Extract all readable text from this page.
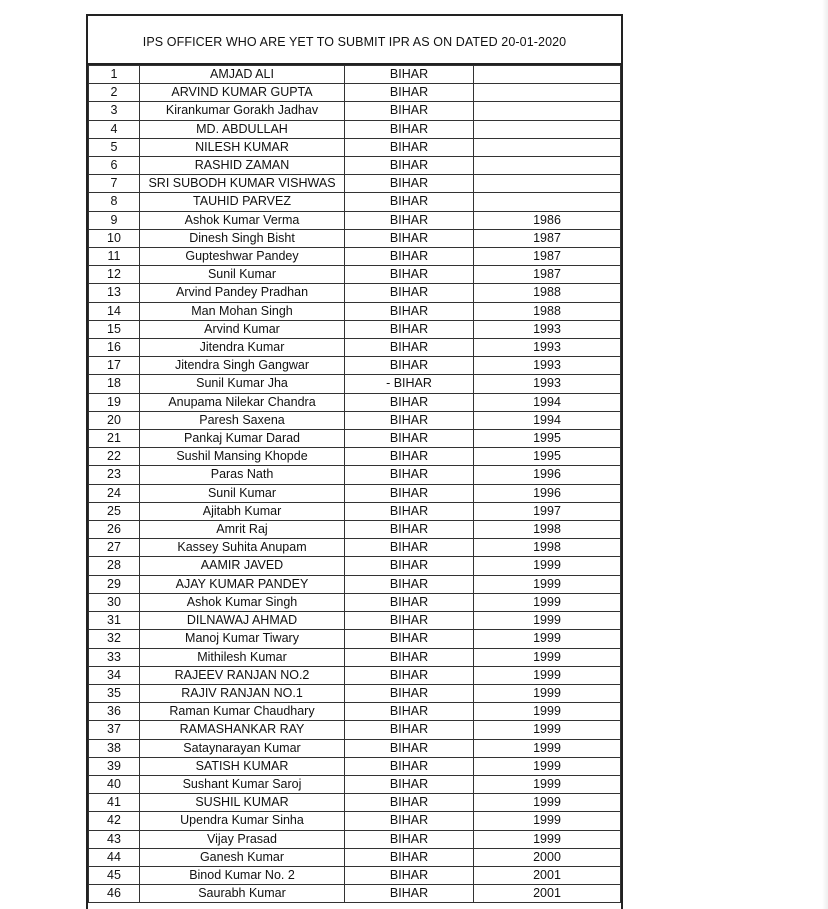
IPS OFFICER WHO ARE YET TO SUBMIT IPR AS ON DATED 20-01-2020
1	AMJAD ALI	BIHAR	
2	ARVIND KUMAR GUPTA	BIHAR	
3	Kirankumar Gorakh Jadhav	BIHAR	
4	MD. ABDULLAH	BIHAR	
5	NILESH KUMAR	BIHAR	
6	RASHID ZAMAN	BIHAR	
7	SRI SUBODH KUMAR VISHWAS	BIHAR	
8	TAUHID PARVEZ	BIHAR	
9	Ashok Kumar Verma	BIHAR	1986
10	Dinesh Singh Bisht	BIHAR	1987
11	Gupteshwar Pandey	BIHAR	1987
12	Sunil Kumar	BIHAR	1987
13	Arvind Pandey Pradhan	BIHAR	1988
14	Man Mohan Singh	BIHAR	1988
15	Arvind Kumar	BIHAR	1993
16	Jitendra Kumar	BIHAR	1993
17	Jitendra Singh Gangwar	BIHAR	1993
18	Sunil Kumar Jha	- BIHAR	1993
19	Anupama Nilekar Chandra	BIHAR	1994
20	Paresh Saxena	BIHAR	1994
21	Pankaj Kumar Darad	BIHAR	1995
22	Sushil Mansing Khopde	BIHAR	1995
23	Paras Nath	BIHAR	1996
24	Sunil Kumar	BIHAR	1996
25	Ajitabh Kumar	BIHAR	1997
26	Amrit Raj	BIHAR	1998
27	Kassey Suhita Anupam	BIHAR	1998
28	AAMIR JAVED	BIHAR	1999
29	AJAY KUMAR PANDEY	BIHAR	1999
30	Ashok Kumar Singh	BIHAR	1999
31	DILNAWAJ AHMAD	BIHAR	1999
32	Manoj Kumar Tiwary	BIHAR	1999
33	Mithilesh Kumar	BIHAR	1999
34	RAJEEV RANJAN NO.2	BIHAR	1999
35	RAJIV RANJAN NO.1	BIHAR	1999
36	Raman Kumar Chaudhary	BIHAR	1999
37	RAMASHANKAR RAY	BIHAR	1999
38	Sataynarayan Kumar	BIHAR	1999
39	SATISH KUMAR	BIHAR	1999
40	Sushant Kumar Saroj	BIHAR	1999
41	SUSHIL KUMAR	BIHAR	1999
42	Upendra Kumar Sinha	BIHAR	1999
43	Vijay Prasad	BIHAR	1999
44	Ganesh Kumar	BIHAR	2000
45	Binod Kumar No. 2	BIHAR	2001
46	Saurabh Kumar	BIHAR	2001
